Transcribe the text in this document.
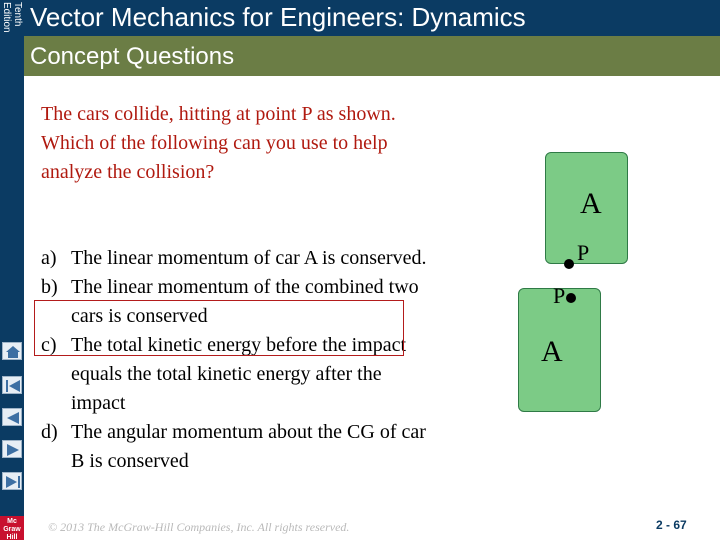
Tenth
Edition
Mc
Graw
Hill
Vector Mechanics for Engineers: Dynamics
Concept Questions
The cars collide, hitting at point P as shown. Which of the following can you use to help analyze the collision?
a) The linear momentum of car A is conserved.
b) The linear momentum of the combined two cars is conserved
c) The total kinetic energy before the impact equals the total kinetic energy after the impact
d) The angular momentum about the CG of car B is conserved
A
A
P
P
© 2013 The McGraw-Hill Companies, Inc. All rights reserved.	2 - 67
